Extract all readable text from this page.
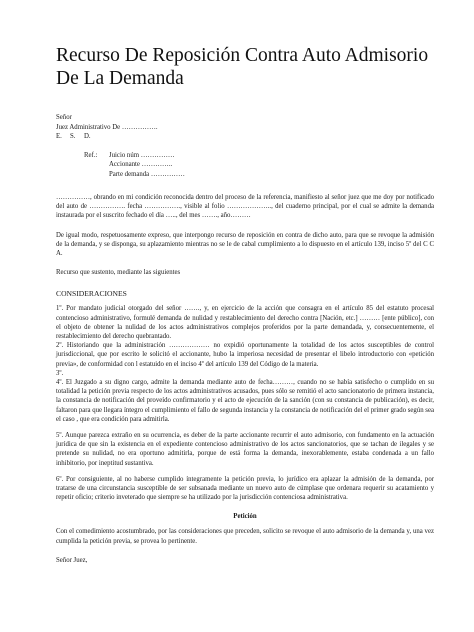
Recurso De Reposición Contra Auto Admisorio De La Demanda
Señor
Juez Administrativo De …………….
E. S. D.
Ref.:	Juicio núm ……………
Accionante …………..
Parte demanda ……………

……………, obrando en mi condición reconocida dentro del proceso de la referencia, manifiesto al señor juez que me doy por notificado del auto de ……………. fecha ……………., visible al folio ……………….., del cuaderno principal, por el cual se admite la demanda instaurada por el suscrito fechado el día ….., del mes ……., año………

De igual modo, respetuosamente expreso, que interpongo recurso de reposición en contra de dicho auto, para que se revoque la admisión de la demanda, y se disponga, su aplazamiento mientras no se le de cabal cumplimiento a lo dispuesto en el artículo 139, inciso 5º del C C A.

Recurso que sustento, mediante las siguientes

CONSIDERACIONES

1º. Por mandato judicial otorgado del señor ……., y, en ejercicio de la acción que consagra en el artículo 85 del estatuto procesal contencioso administrativo, formulé demanda de nulidad y restablecimiento del derecho contra [Nación, etc.] ……… [ente público], con el objeto de obtener la nulidad de los actos administrativos complejos proferidos por la parte demandada, y, consecuentemente, el restablecimiento del derecho quebrantado.

2º. Historiando que la administración ……………… no expidió oportunamente la totalidad de los actos susceptibles de control jurisdiccional, que por escrito le solicitó el accionante, hubo la imperiosa necesidad de presentar el libelo introductorio con «petición previa», de conformidad con l estatuido en el inciso 4º del artículo 139 del Código de la materia.

3º.

4º. El Juzgado a su digno cargo, admite la demanda mediante auto de fecha………, cuando no se había satisfecho o cumplido en su totalidad la petición previa respecto de los actos administrativos acusados, pues sólo se remitió el acto sancionatorio de primera instancia, la constancia de notificación del proveído confirmatorio y el acto de ejecución de la sanción (con su constancia de publicación), es decir, faltaron para que llegara íntegro el cumplimiento el fallo de segunda instancia y la constancia de notificación del el primer grado según sea el caso , que era condición para admitirla.

5º. Aunque parezca extraño en su ocurrencia, es deber de la parte accionante recurrir el auto admisorio, con fundamento en la actuación jurídica de que sin la existencia en el expediente contencioso administrativo de los actos sancionatorios, que se tachan de ilegales y se pretende su nulidad, no era oportuno admitirla, porque de está forma la demanda, inexorablemente, estaba condenada a un fallo inhibitorio, por ineptitud sustantiva.

6º. Por consiguiente, al no haberse cumplido íntegramente la petición previa, lo jurídico era aplazar la admisión de la demanda, por tratarse de una circunstancia susceptible de ser subsanada mediante un nuevo auto de cúmplase que ordenara requerir su acatamiento y repetir oficio; criterio inveterado que siempre se ha utilizado por la jurisdicción contenciosa administrativa.

Petición

Con el comedimiento acostumbrado, por las consideraciones que preceden, solicito se revoque el auto admisorio de la demanda y, una vez cumplida la petición previa, se provea lo pertinente.

Señor Juez,
